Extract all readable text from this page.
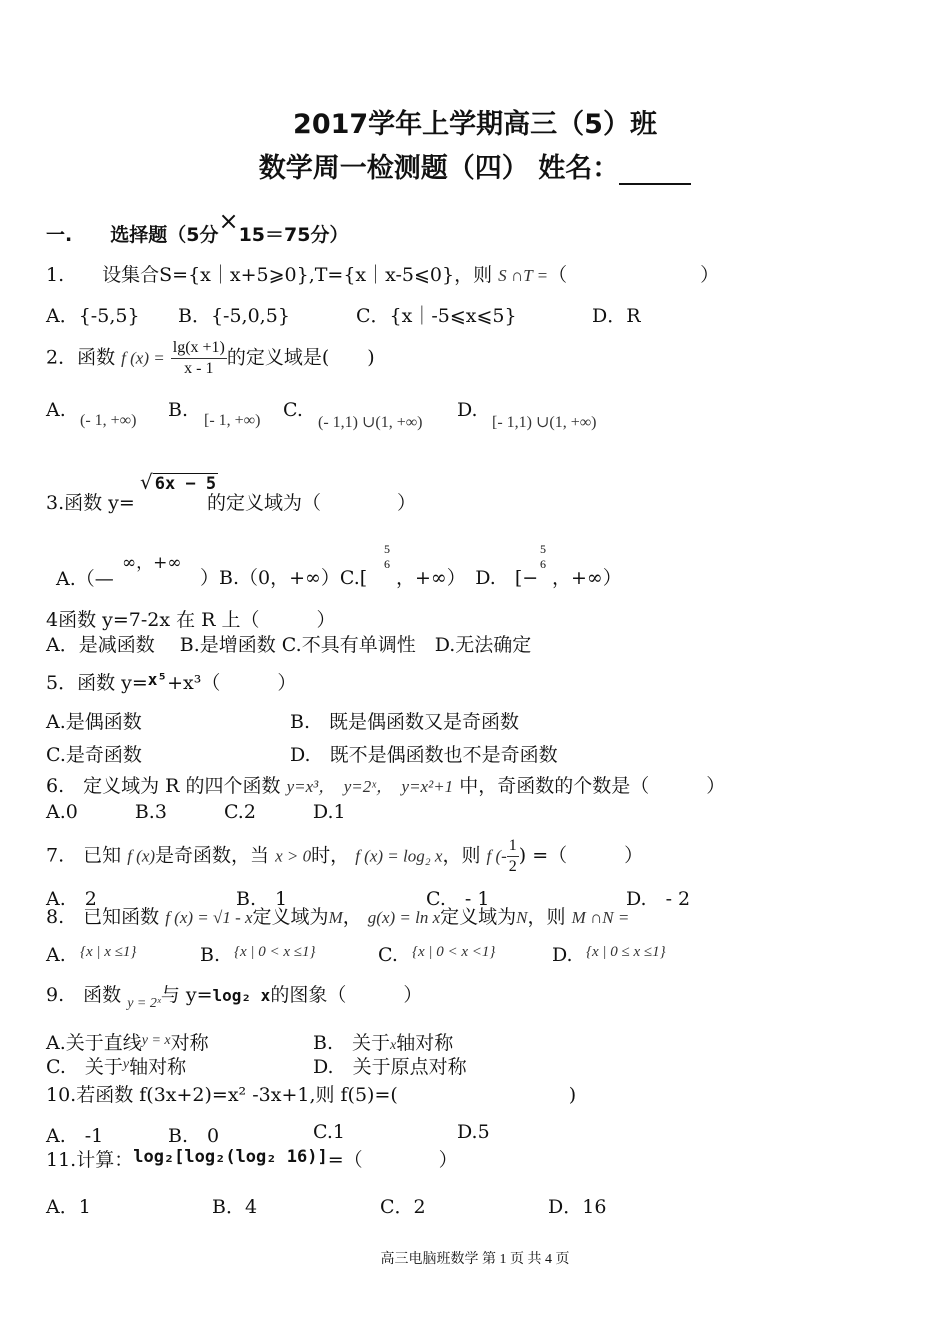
2017学年上学期高三（5）班
数学周一检测题（四） 姓名：
一.　　选择题（5分×15＝75分）
1.　　设集合S={x｜x+5⩾0},T={x｜x-5⩽0}，则 S ∩T =（　　　　　　　）
A．{-5,5} B．{-5,0,5}	C．{x｜-5⩽x⩽5}	D．R
2．函数 f $(x) = \frac{\lg(x +1)}{x - 1}$ 的定义域是(　　)
A. (- 1, +∞) B. [- 1, +∞) C.
(- 1,1) ∪(1, +∞)
D.
[- 1,1) ∪(1, +∞)
3.函数 y=
√ 6x − 5
的定义域为（　　　　）
A.（—
∞，+∞
）B.（0，+∞）C.[
5
6
，+∞）　D.　[−
5
6
，+∞）
4函数 y=7-2x 在 R 上（　　　）
A．是减函数　 B.是增函数 C.不具有单调性　D.无法确定
5．函数 y=$^{x^5}$+x³（　　　）
A.是偶函数	B.　既是偶函数又是奇函数
C.是奇函数	D.　既不是偶函数也不是奇函数
6.　定义域为 R 的四个函数 y=x³，　y=2ˣ，　y=x²+1 中，奇函数的个数是（　　　）
A.0　　　B.3　　　C.2　　　D.1
7.　已知 f (x)是奇函数，当 x > 0时， f (x) = log₂ x，则 f (- $\frac{1}{2}$ ) =（　　　）
A.　2	B.　1	C.　- 1	D.　- 2
8.　已知函数 f (x) = √1 - x定义域为M， g(x) = ln x定义域为N，则 M ∩N =
A. {x | x ≤1}	B. {x | 0 < x ≤1}	C. {x | 0 < x <1}	D. {x | 0 ≤ x ≤1}
9.　函数 $_{y = 2ˣ}$与 y=log₂ x的图象（　　　）
A.关于直线$^{y = x}$对称	B.　关于x轴对称
C.　关于$^y$轴对称	D.　关于原点对称
10.若函数 f(3x+2)=x² -3x+1,则 f(5)=(　　　　　　　　　)
A.　-1	B.　0	C.1	D.5
11.计算：log₂[log₂(log₂ 16)]=（　　　　）
A．1	B．4	C．2	D．16
高三电脑班数学 第 1 页 共 4 页
